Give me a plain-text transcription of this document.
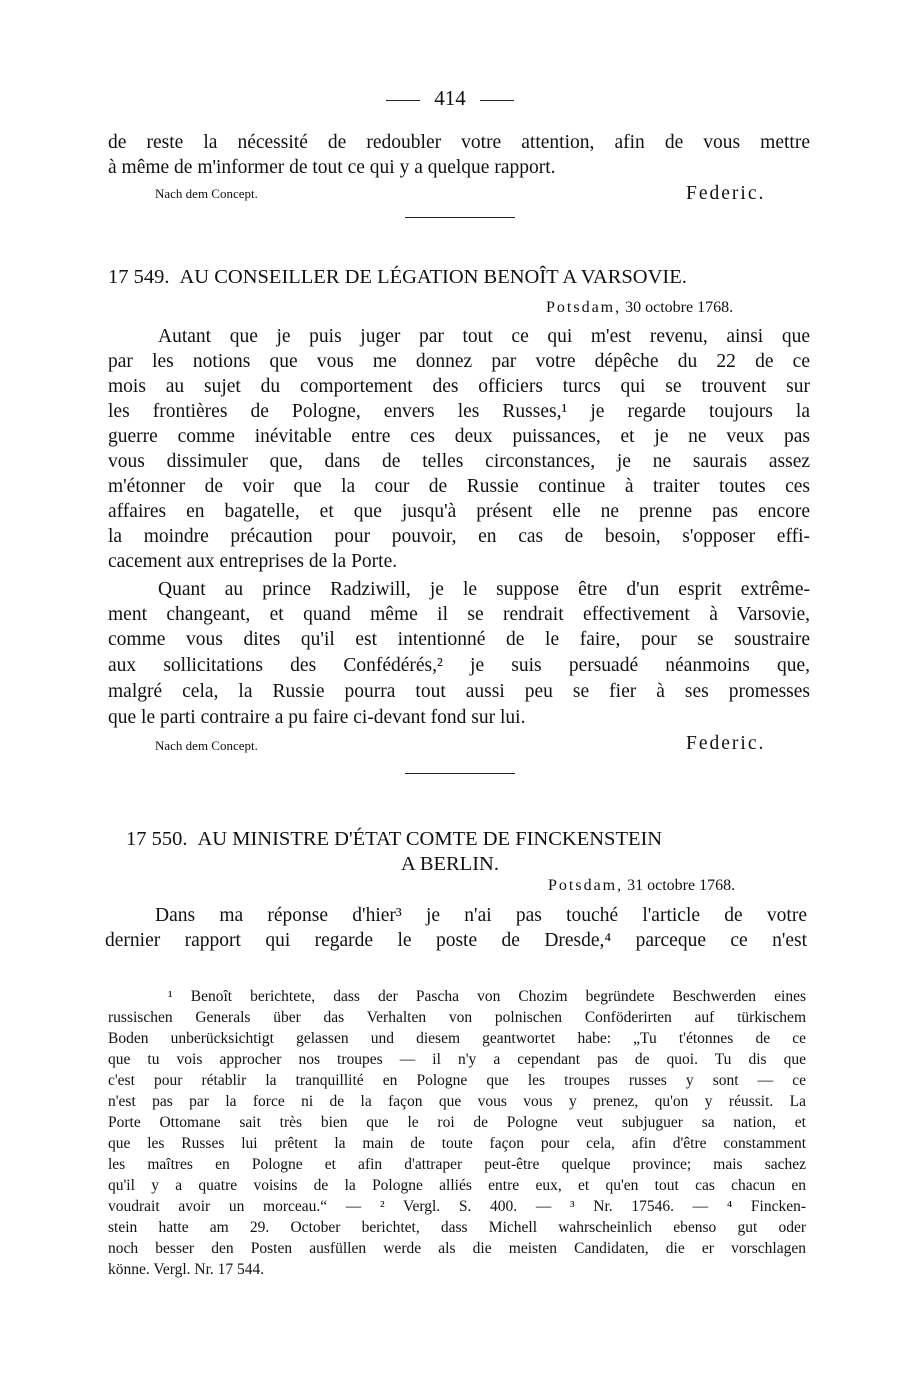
414
de reste la nécessité de redoubler votre attention, afin de vous mettre
à même de m'informer de tout ce qui y a quelque rapport.
Nach dem Concept.	Federic.
17 549. AU CONSEILLER DE LÉGATION BENOÎT A VARSOVIE.
Potsdam, 30 octobre 1768.
Autant que je puis juger par tout ce qui m'est revenu, ainsi que
par les notions que vous me donnez par votre dépêche du 22 de ce
mois au sujet du comportement des officiers turcs qui se trouvent sur
les frontières de Pologne, envers les Russes,¹ je regarde toujours la
guerre comme inévitable entre ces deux puissances, et je ne veux pas
vous dissimuler que, dans de telles circonstances, je ne saurais assez
m'étonner de voir que la cour de Russie continue à traiter toutes ces
affaires en bagatelle, et que jusqu'à présent elle ne prenne pas encore
la moindre précaution pour pouvoir, en cas de besoin, s'opposer effi-
cacement aux entreprises de la Porte.
Quant au prince Radziwill, je le suppose être d'un esprit extrême-
ment changeant, et quand même il se rendrait effectivement à Varsovie,
comme vous dites qu'il est intentionné de le faire, pour se soustraire
aux sollicitations des Confédérés,² je suis persuadé néanmoins que,
malgré cela, la Russie pourra tout aussi peu se fier à ses promesses
que le parti contraire a pu faire ci-devant fond sur lui.
Nach dem Concept.	Federic.
17 550. AU MINISTRE D'ÉTAT COMTE DE FINCKENSTEIN
A BERLIN.
Potsdam, 31 octobre 1768.
Dans ma réponse d'hier³ je n'ai pas touché l'article de votre
dernier rapport qui regarde le poste de Dresde,⁴ parceque ce n'est
¹ Benoît berichtete, dass der Pascha von Chozim begründete Beschwerden eines
russischen Generals über das Verhalten von polnischen Conföderirten auf türkischem
Boden unberücksichtigt gelassen und diesem geantwortet habe: „Tu t'étonnes de ce
que tu vois approcher nos troupes — il n'y a cependant pas de quoi. Tu dis que
c'est pour rétablir la tranquillité en Pologne que les troupes russes y sont — ce
n'est pas par la force ni de la façon que vous vous y prenez, qu'on y réussit. La
Porte Ottomane sait très bien que le roi de Pologne veut subjuguer sa nation, et
que les Russes lui prêtent la main de toute façon pour cela, afin d'être constamment
les maîtres en Pologne et afin d'attraper peut-être quelque province; mais sachez
qu'il y a quatre voisins de la Pologne alliés entre eux, et qu'en tout cas chacun en
voudrait avoir un morceau.“ — ² Vergl. S. 400. — ³ Nr. 17546. — ⁴ Fincken-
stein hatte am 29. October berichtet, dass Michell wahrscheinlich ebenso gut oder
noch besser den Posten ausfüllen werde als die meisten Candidaten, die er vorschlagen
könne. Vergl. Nr. 17 544.
